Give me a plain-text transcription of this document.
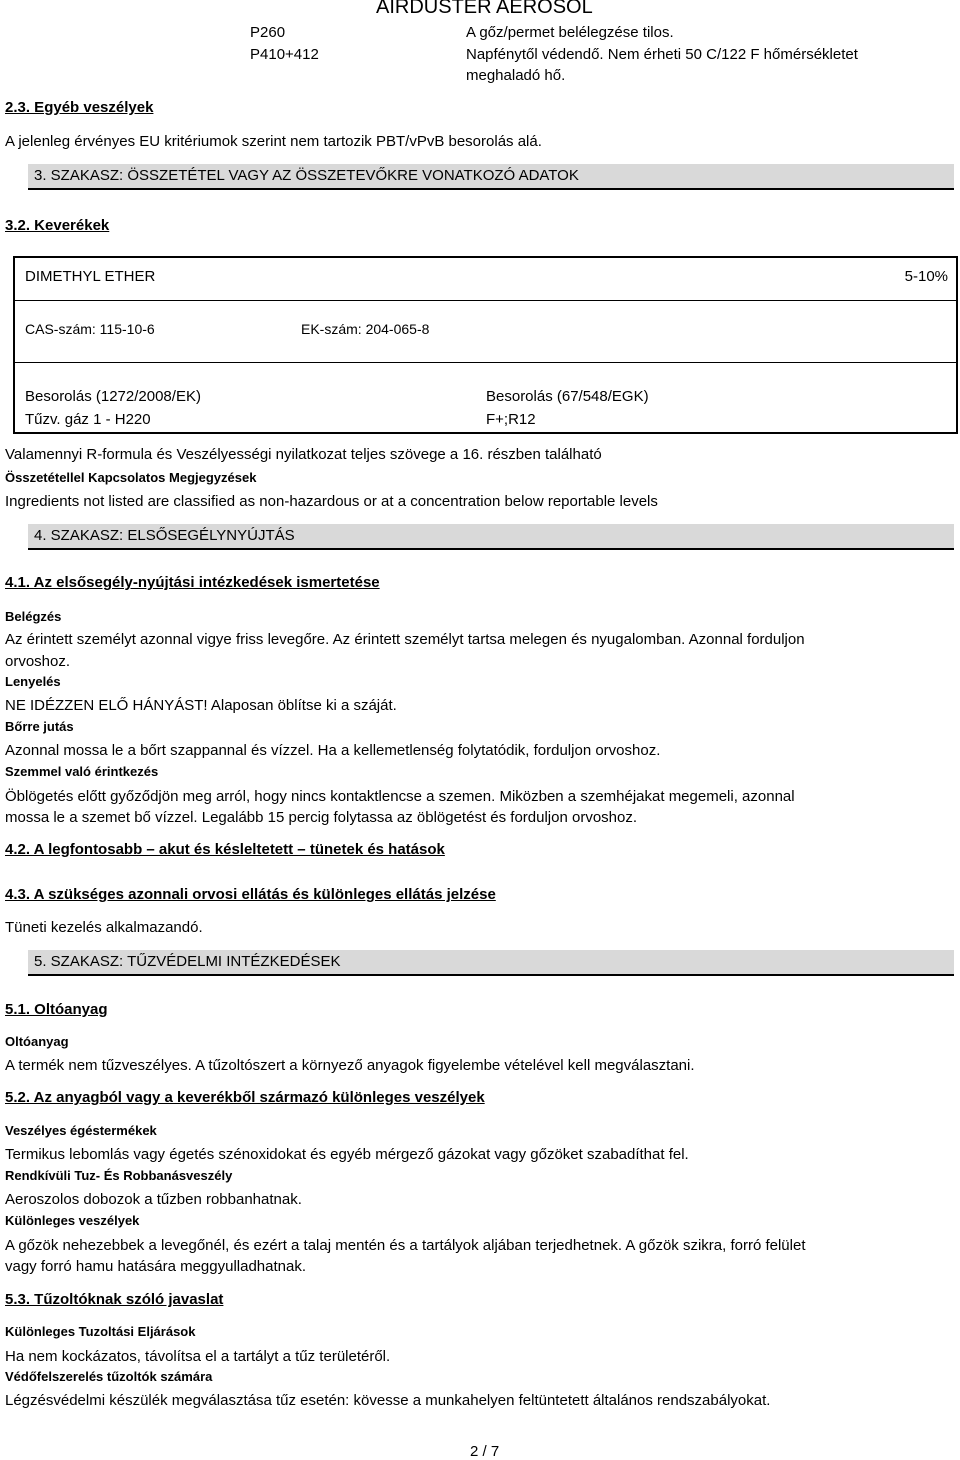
AIRDUSTER AEROSOL
P260
P410+412
A gőz/permet belélegzése tilos.
Napfénytől védendő. Nem érheti 50 C/122 F hőmérsékletet
meghaladó hő.
2.3. Egyéb veszélyek
A jelenleg érvényes EU kritériumok szerint nem tartozik PBT/vPvB besorolás alá.
3. SZAKASZ: ÖSSZETÉTEL VAGY AZ ÖSSZETEVŐKRE VONATKOZÓ ADATOK
3.2. Keverékek
DIMETHYL ETHER	5-10%
CAS-szám: 115-10-6	EK-szám: 204-065-8
Besorolás (1272/2008/EK)
Tűzv. gáz 1 - H220
Besorolás (67/548/EGK)
F+;R12
Valamennyi R-formula és Veszélyességi nyilatkozat teljes szövege a 16. részben található
Összetétellel Kapcsolatos Megjegyzések
Ingredients not listed are classified as non-hazardous or at a concentration below reportable levels
4. SZAKASZ: ELSŐSEGÉLYNYÚJTÁS
4.1. Az elsősegély-nyújtási intézkedések ismertetése
Belégzés
Az érintett személyt azonnal vigye friss levegőre. Az érintett személyt tartsa melegen és nyugalomban. Azonnal forduljon
orvoshoz.
Lenyelés
NE IDÉZZEN ELŐ HÁNYÁST! Alaposan öblítse ki a száját.
Bőrre jutás
Azonnal mossa le a bőrt szappannal és vízzel. Ha a kellemetlenség folytatódik, forduljon orvoshoz.
Szemmel való érintkezés
Öblögetés előtt győződjön meg arról, hogy nincs kontaktlencse a szemen. Miközben a szemhéjakat megemeli, azonnal
mossa le a szemet bő vízzel. Legalább 15 percig folytassa az öblögetést és forduljon orvoshoz.
4.2. A legfontosabb – akut és késleltetett – tünetek és hatások
4.3. A szükséges azonnali orvosi ellátás és különleges ellátás jelzése
Tüneti kezelés alkalmazandó.
5. SZAKASZ: TŰZVÉDELMI INTÉZKEDÉSEK
5.1. Oltóanyag
Oltóanyag
A termék nem tűzveszélyes. A tűzoltószert a környező anyagok figyelembe vételével kell megválasztani.
5.2. Az anyagból vagy a keverékből származó különleges veszélyek
Veszélyes égéstermékek
Termikus lebomlás vagy égetés szénoxidokat és egyéb mérgező gázokat vagy gőzöket szabadíthat fel.
Rendkívüli Tuz- És Robbanásveszély
Aeroszolos dobozok a tűzben robbanhatnak.
Különleges veszélyek
A gőzök nehezebbek a levegőnél, és ezért a talaj mentén és a tartályok aljában terjedhetnek. A gőzök szikra, forró felület
vagy forró hamu hatására meggyulladhatnak.
5.3. Tűzoltóknak szóló javaslat
Különleges Tuzoltási Eljárások
Ha nem kockázatos, távolítsa el a tartályt a tűz területéről.
Védőfelszerelés tűzoltók számára
Légzésvédelmi készülék megválasztása tűz esetén: kövesse a munkahelyen feltüntetett általános rendszabályokat.
2 / 7
